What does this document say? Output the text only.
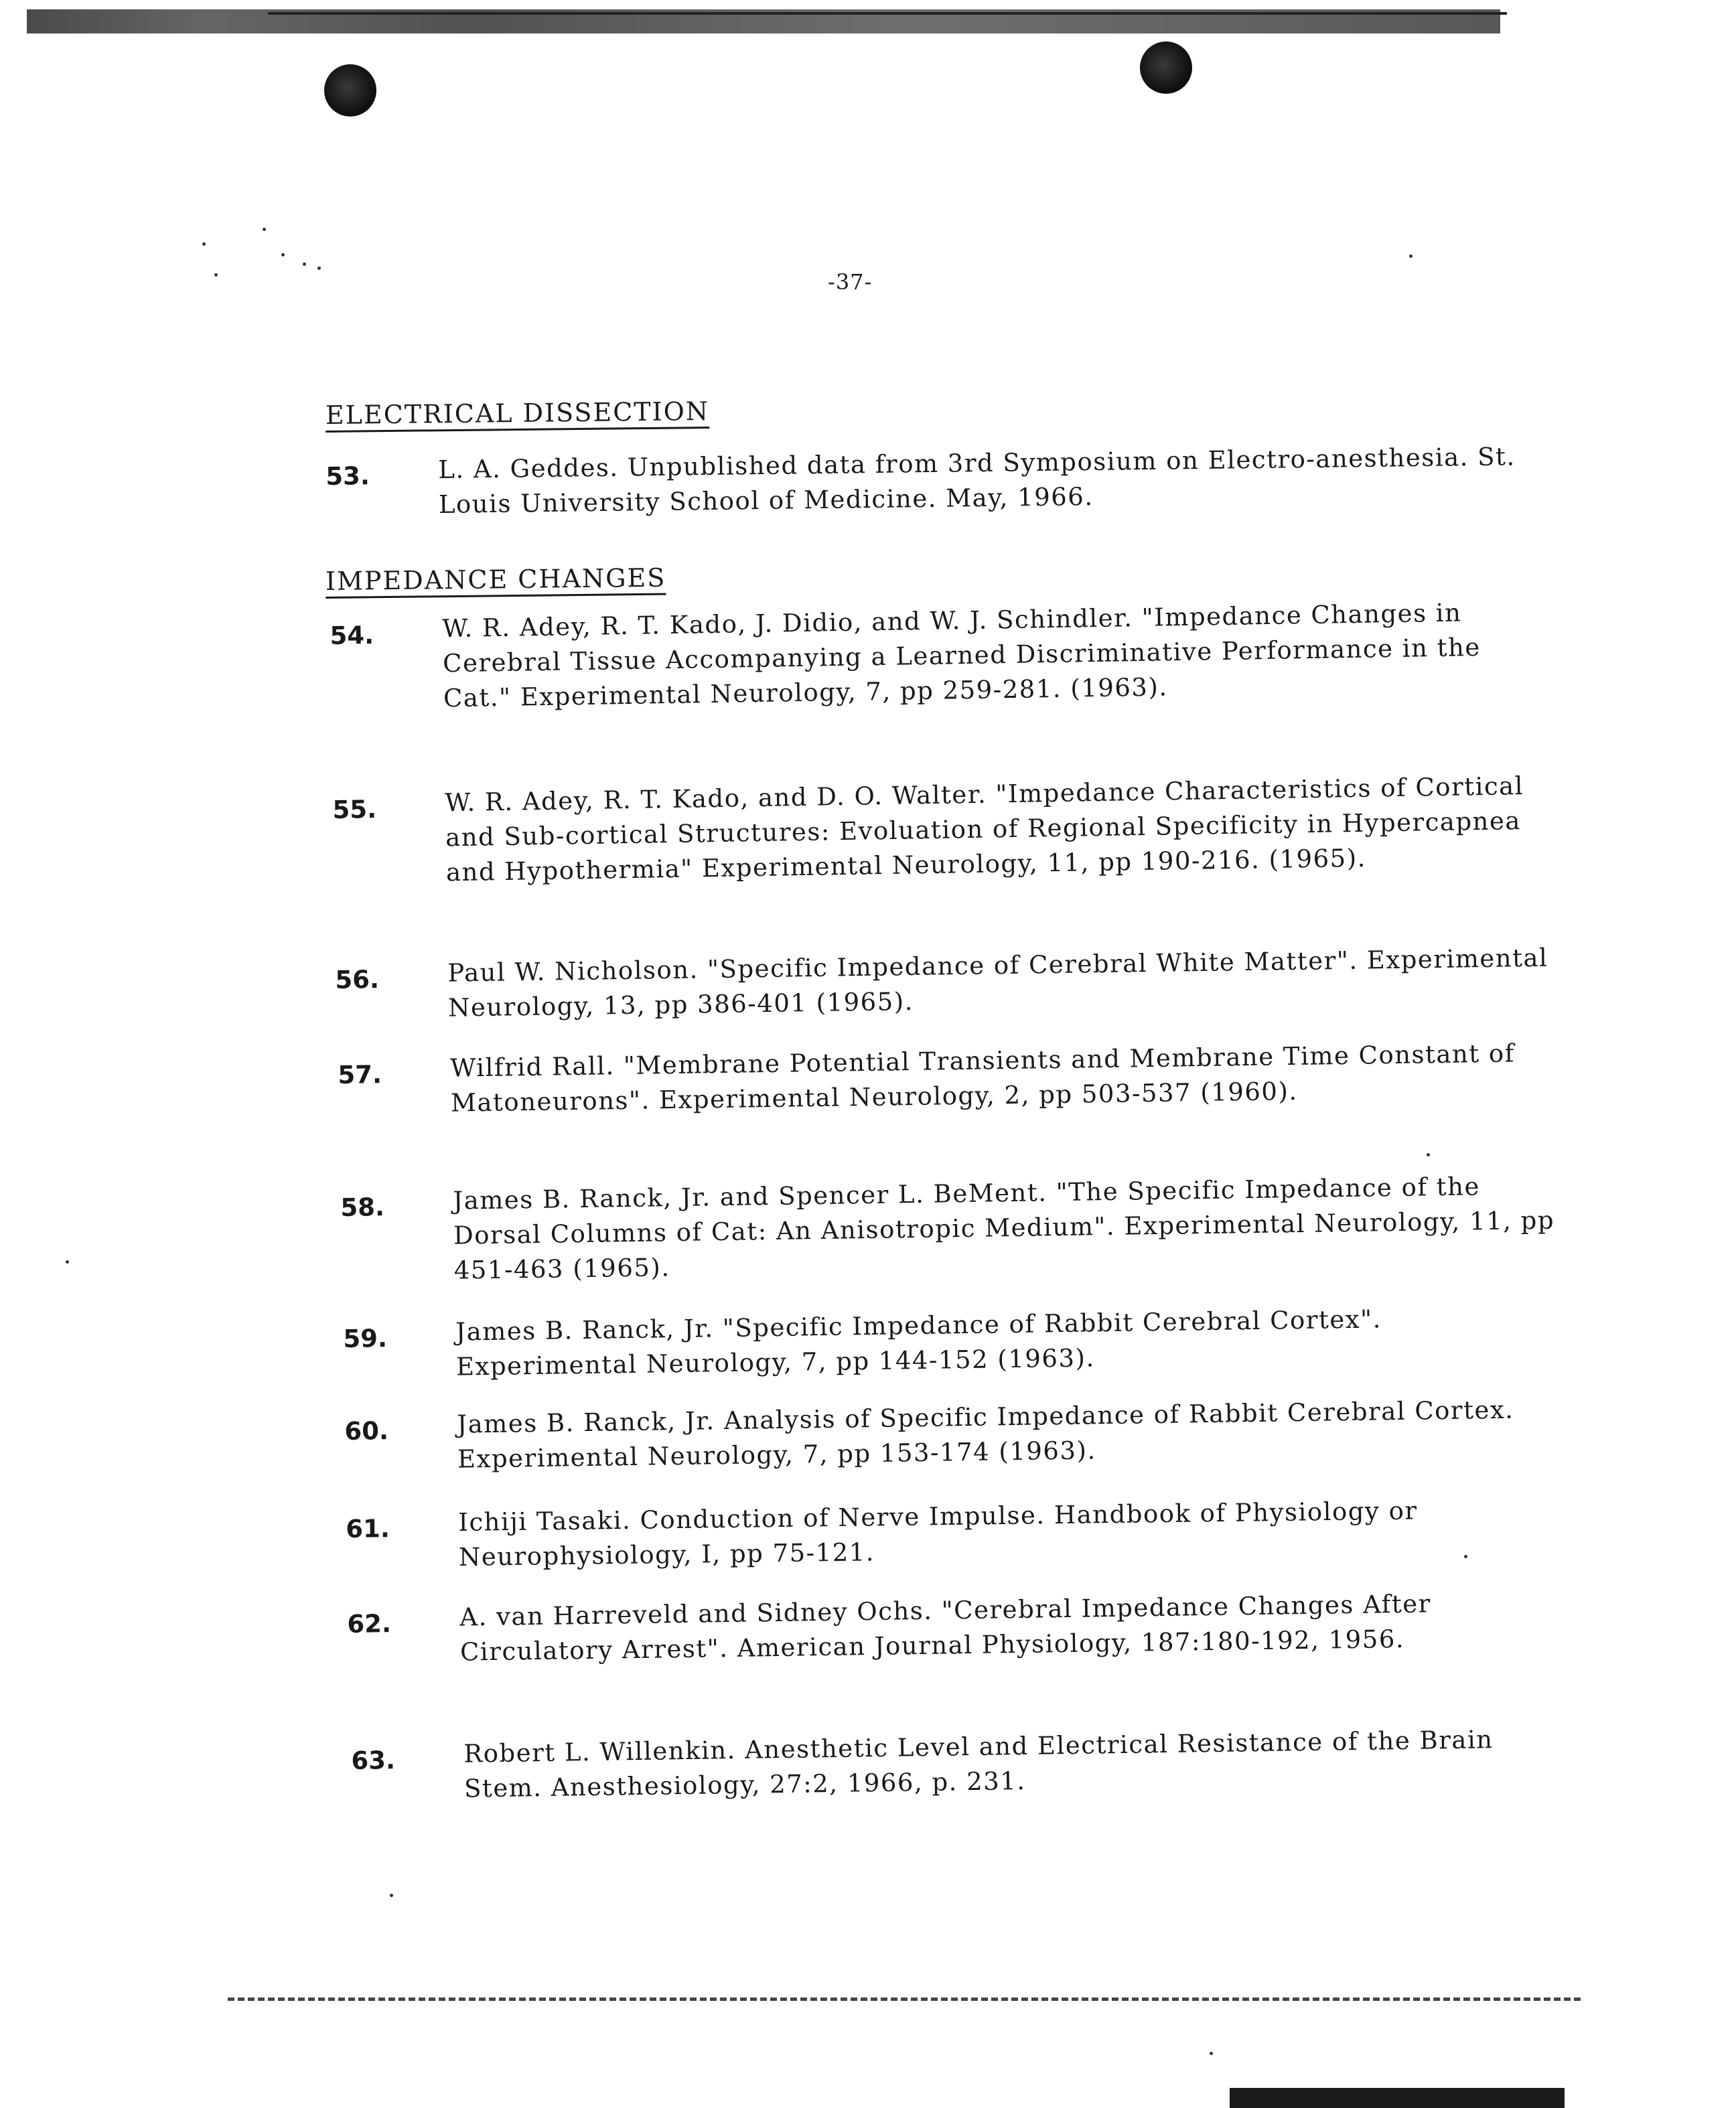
-37-
ELECTRICAL DISSECTION
53.	L. A. Geddes. Unpublished data from 3rd Symposium on Electro-anesthesia. St. Louis University School of Medicine. May, 1966.
IMPEDANCE CHANGES
54.	W. R. Adey, R. T. Kado, J. Didio, and W. J. Schindler. "Impedance Changes in Cerebral Tissue Accompanying a Learned Discriminative Performance in the Cat." Experimental Neurology, 7, pp 259-281. (1963).
55.	W. R. Adey, R. T. Kado, and D. O. Walter. "Impedance Characteristics of Cortical and Sub-cortical Structures: Evoluation of Regional Specificity in Hypercapnea and Hypothermia" Experimental Neurology, 11, pp 190-216. (1965).
56.	Paul W. Nicholson. "Specific Impedance of Cerebral White Matter". Experimental Neurology, 13, pp 386-401 (1965).
57.	Wilfrid Rall. "Membrane Potential Transients and Membrane Time Constant of Matoneurons". Experimental Neurology, 2, pp 503-537 (1960).
58.	James B. Ranck, Jr. and Spencer L. BeMent. "The Specific Impedance of the Dorsal Columns of Cat: An Anisotropic Medium". Experimental Neurology, 11, pp 451-463 (1965).
59.	James B. Ranck, Jr. "Specific Impedance of Rabbit Cerebral Cortex". Experimental Neurology, 7, pp 144-152 (1963).
60.	James B. Ranck, Jr. Analysis of Specific Impedance of Rabbit Cerebral Cortex. Experimental Neurology, 7, pp 153-174 (1963).
61.	Ichiji Tasaki. Conduction of Nerve Impulse. Handbook of Physiology or Neurophysiology, I, pp 75-121.
62.	A. van Harreveld and Sidney Ochs. "Cerebral Impedance Changes After Circulatory Arrest". American Journal Physiology, 187:180-192, 1956.
63.	Robert L. Willenkin. Anesthetic Level and Electrical Resistance of the Brain Stem. Anesthesiology, 27:2, 1966, p. 231.
